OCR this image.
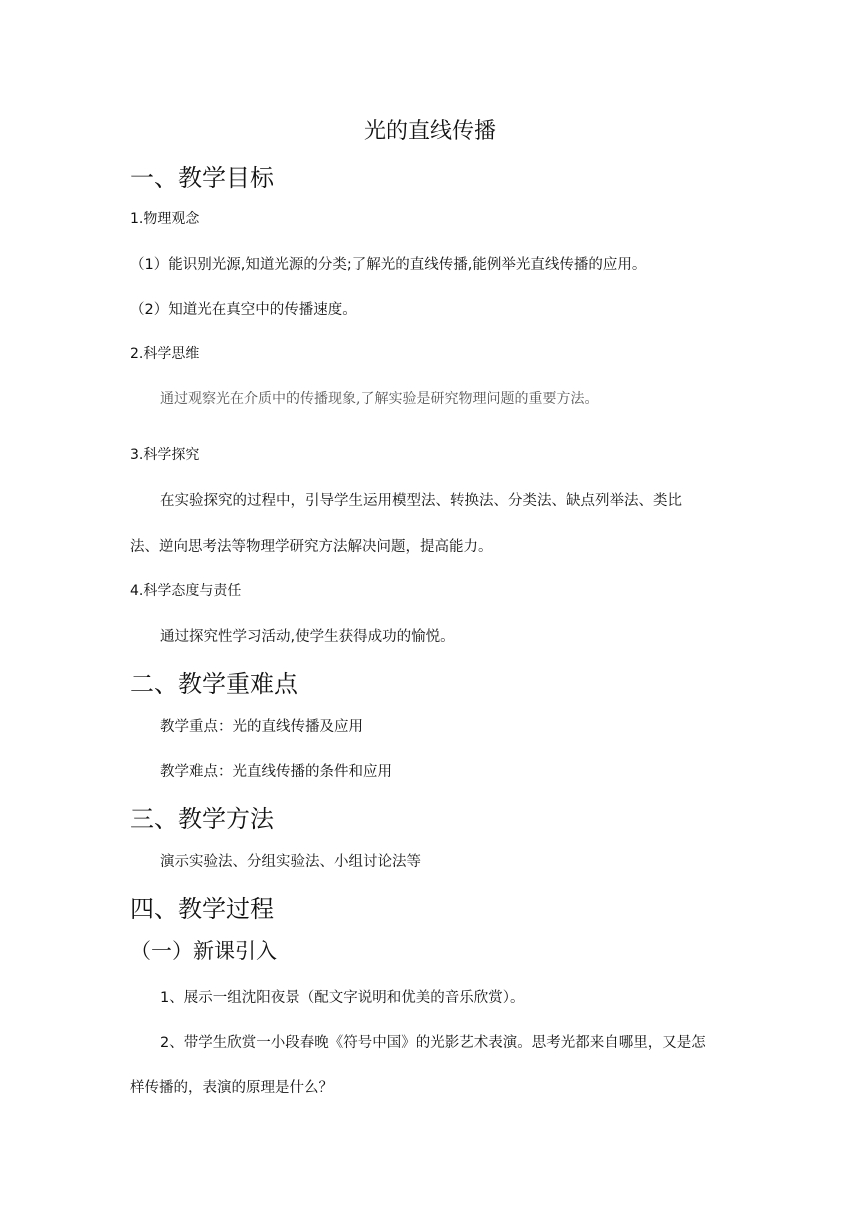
光的直线传播
一、教学目标
1.物理观念
（1）能识别光源,知道光源的分类;了解光的直线传播,能例举光直线传播的应用。
（2）知道光在真空中的传播速度。
2.科学思维
通过观察光在介质中的传播现象,了解实验是研究物理问题的重要方法。
3.科学探究
在实验探究的过程中，引导学生运用模型法、转换法、分类法、缺点列举法、类比
法、逆向思考法等物理学研究方法解决问题，提高能力。
4.科学态度与责任
通过探究性学习活动,使学生获得成功的愉悦。
二、教学重难点
教学重点：光的直线传播及应用
教学难点：光直线传播的条件和应用
三、教学方法
演示实验法、分组实验法、小组讨论法等
四、教学过程
（一）新课引入
1、展示一组沈阳夜景（配文字说明和优美的音乐欣赏）。
2、带学生欣赏一小段春晚《符号中国》的光影艺术表演。思考光都来自哪里，又是怎
样传播的，表演的原理是什么？
